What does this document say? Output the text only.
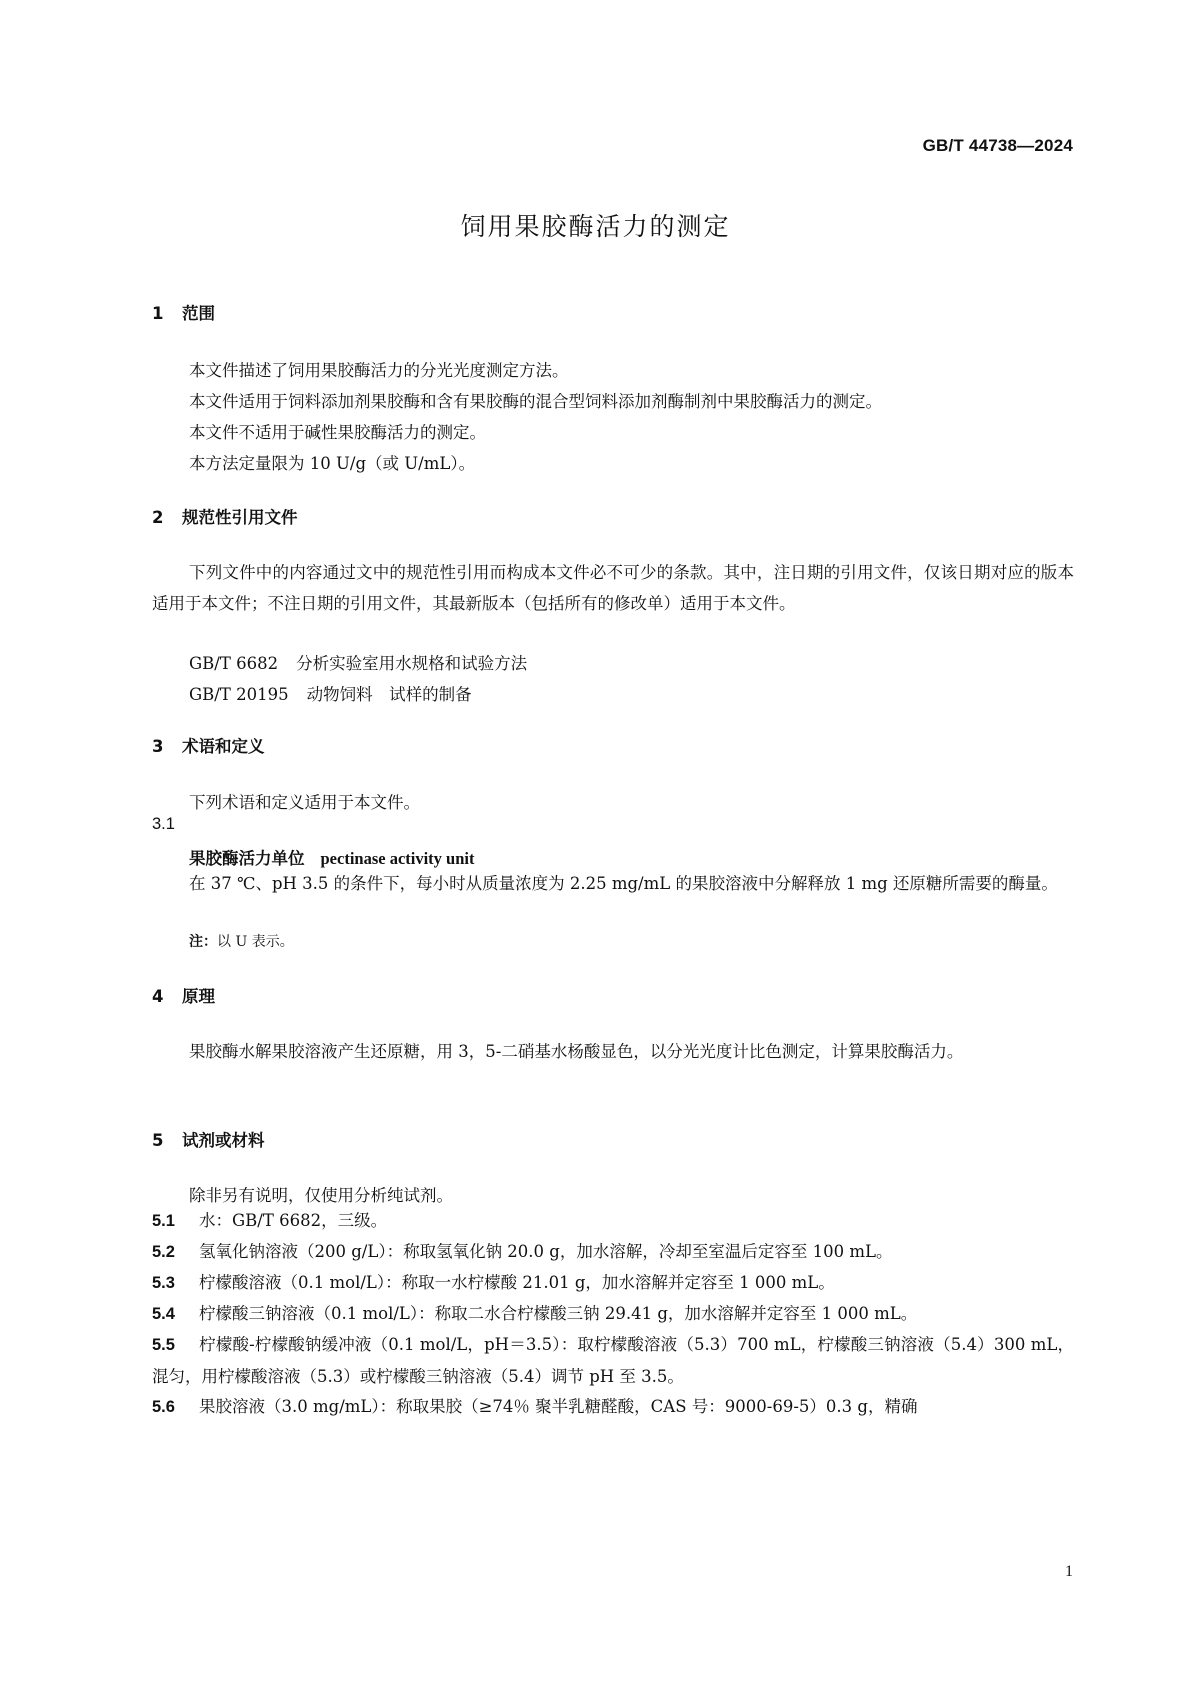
GB/T 44738—2024
饲用果胶酶活力的测定
1 范围
本文件描述了饲用果胶酶活力的分光光度测定方法。
本文件适用于饲料添加剂果胶酶和含有果胶酶的混合型饲料添加剂酶制剂中果胶酶活力的测定。
本文件不适用于碱性果胶酶活力的测定。
本方法定量限为 10 U/g（或 U/mL）。
2 规范性引用文件
下列文件中的内容通过文中的规范性引用而构成本文件必不可少的条款。其中，注日期的引用文件，仅该日期对应的版本适用于本文件；不注日期的引用文件，其最新版本（包括所有的修改单）适用于本文件。
GB/T 6682 分析实验室用水规格和试验方法
GB/T 20195 动物饲料　试样的制备
3 术语和定义
下列术语和定义适用于本文件。
3.1
果胶酶活力单位 pectinase activity unit
在 37 ℃、pH 3.5 的条件下，每小时从质量浓度为 2.25 mg/mL 的果胶溶液中分解释放 1 mg 还原糖所需要的酶量。
注：以 U 表示。
4 原理
果胶酶水解果胶溶液产生还原糖，用 3，5-二硝基水杨酸显色，以分光光度计比色测定，计算果胶酶活力。
5 试剂或材料
除非另有说明，仅使用分析纯试剂。
5.1 水：GB/T 6682，三级。
5.2 氢氧化钠溶液（200 g/L）：称取氢氧化钠 20.0 g，加水溶解，冷却至室温后定容至 100 mL。
5.3 柠檬酸溶液（0.1 mol/L）：称取一水柠檬酸 21.01 g，加水溶解并定容至 1 000 mL。
5.4 柠檬酸三钠溶液（0.1 mol/L）：称取二水合柠檬酸三钠 29.41 g，加水溶解并定容至 1 000 mL。
5.5 柠檬酸-柠檬酸钠缓冲液（0.1 mol/L，pH＝3.5）：取柠檬酸溶液（5.3）700 mL，柠檬酸三钠溶液（5.4）300 mL，混匀，用柠檬酸溶液（5.3）或柠檬酸三钠溶液（5.4）调节 pH 至 3.5。
5.6 果胶溶液（3.0 mg/mL）：称取果胶（≥74％ 聚半乳糖醛酸，CAS 号：9000-69-5）0.3 g，精确
1
